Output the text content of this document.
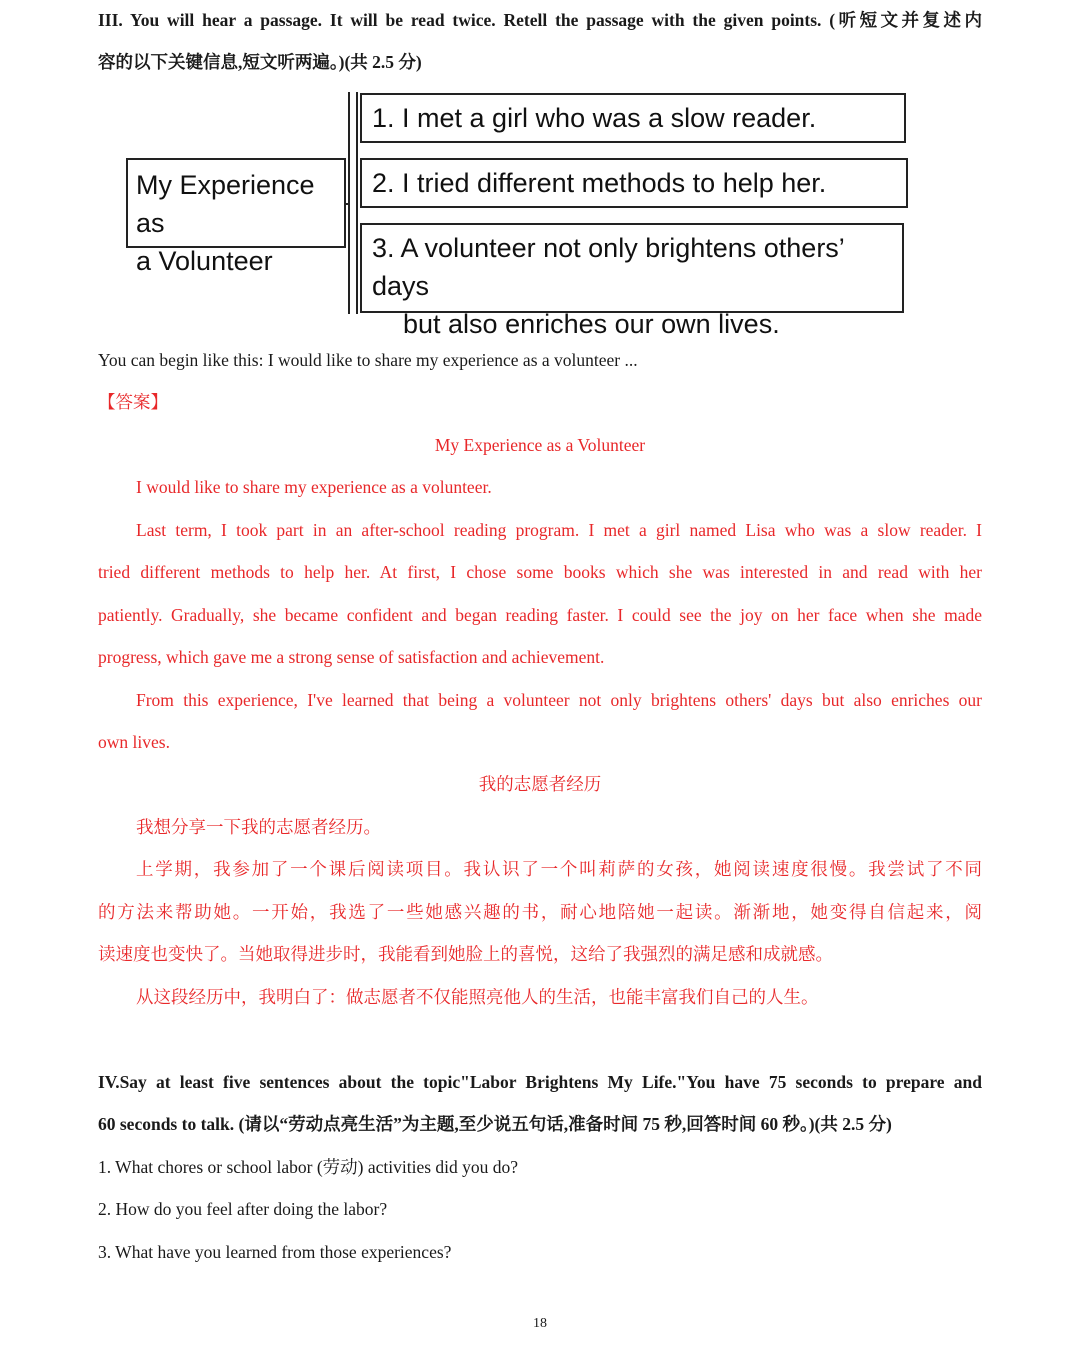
III. You will hear a passage. It will be read twice. Retell the passage with the given points. (听短文并复述内
容的以下关键信息,短文听两遍。)(共 2.5 分)
My Experience as
a Volunteer
1. I met a girl who was a slow reader.
2. I tried different methods to help her.
3. A volunteer not only brightens others’ days
but also enriches our own lives.
You can begin like this: I would like to share my experience as a volunteer ...
【答案】
My Experience as a Volunteer
I would like to share my experience as a volunteer.
Last term, I took part in an after-school reading program. I met a girl named Lisa who was a slow reader. I
tried different methods to help her. At first, I chose some books which she was interested in and read with her
patiently. Gradually, she became confident and began reading faster. I could see the joy on her face when she made
progress, which gave me a strong sense of satisfaction and achievement.
From this experience, I've learned that being a volunteer not only brightens others' days but also enriches our
own lives.
我的志愿者经历
我想分享一下我的志愿者经历。
上学期，我参加了一个课后阅读项目。我认识了一个叫莉萨的女孩，她阅读速度很慢。我尝试了不同
的方法来帮助她。一开始，我选了一些她感兴趣的书，耐心地陪她一起读。渐渐地，她变得自信起来，阅
读速度也变快了。当她取得进步时，我能看到她脸上的喜悦，这给了我强烈的满足感和成就感。
从这段经历中，我明白了：做志愿者不仅能照亮他人的生活，也能丰富我们自己的人生。
IV.Say at least five sentences about the topic"Labor Brightens My Life."You have 75 seconds to prepare and
60 seconds to talk. (请以“劳动点亮生活”为主题,至少说五句话,准备时间 75 秒,回答时间 60 秒。)(共 2.5 分)
1. What chores or school labor (劳动) activities did you do?
2. How do you feel after doing the labor?
3. What have you learned from those experiences?
18
